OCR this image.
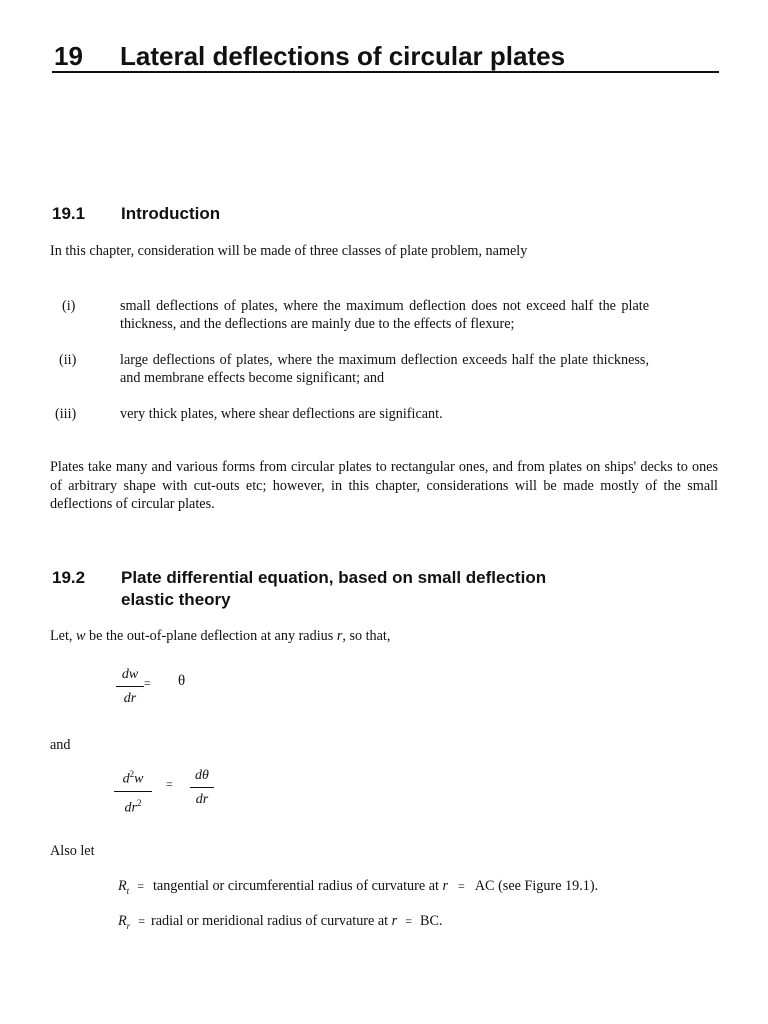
19 Lateral deflections of circular plates
19.1 Introduction
In this chapter, consideration will be made of three classes of plate problem, namely
(i)	small deflections of plates, where the maximum deflection does not exceed half the plate thickness, and the deflections are mainly due to the effects of flexure;
(ii)	large deflections of plates, where the maximum deflection exceeds half the plate thickness, and membrane effects become significant; and
(iii)	very thick plates, where shear deflections are significant.
Plates take many and various forms from circular plates to rectangular ones, and from plates on ships' decks to ones of arbitrary shape with cut-outs etc; however, in this chapter, considerations will be made mostly of the small deflections of circular plates.
19.2 Plate differential equation, based on small deflection
elastic theory
Let, w be the out-of-plane deflection at any radius r, so that,
$\frac{dw}{dr} = \theta$
and
$\frac{d^2w}{dr^2} = \frac{d\theta}{dr}$
Also let
$R_t$ = tangential or circumferential radius of curvature at r = AC (see Figure 19.1).
$R_r$ = radial or meridional radius of curvature at r = BC.
